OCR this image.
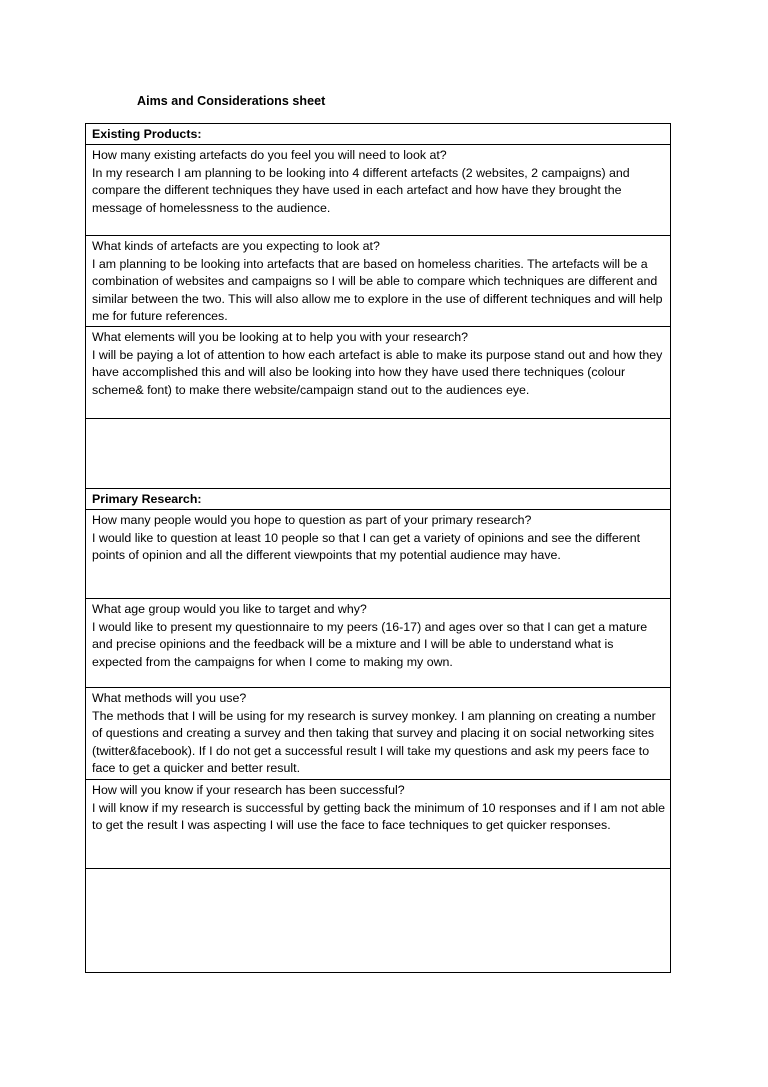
Aims and Considerations sheet
Existing Products:

How many existing artefacts do you feel you will need to look at?
In my research I am planning to be looking into 4 different artefacts (2 websites, 2 campaigns) and compare the different techniques they have used in each artefact and how have they brought the message of homelessness to the audience.

What kinds of artefacts are you expecting to look at?
I am planning to be looking into artefacts that are based on homeless charities. The artefacts will be a combination of websites and campaigns so I will be able to compare which techniques are different and similar between the two. This will also allow me to explore in the use of different techniques and will help me for future references.

What elements will you be looking at to help you with your research?
I will be paying a lot of attention to how each artefact is able to make its purpose stand out and how they have accomplished this and will also be looking into how they have used there techniques (colour scheme& font) to make there website/campaign stand out to the audiences eye.

Primary Research:

How many people would you hope to question as part of your primary research?
I would like to question at least 10 people so that I can get a variety of opinions and see the different points of opinion and all the different viewpoints that my potential audience may have.

What age group would you like to target and why?
I would like to present my questionnaire to my peers (16-17) and ages over so that I can get a mature and precise opinions and the feedback will be a mixture and I will be able to understand what is expected from the campaigns for when I come to making my own.

What methods will you use?
The methods that I will be using for my research is survey monkey. I am planning on creating a number of questions and creating a survey and then taking that survey and placing it on social networking sites (twitter&facebook). If I do not get a successful result I will take my questions and ask my peers face to face to get a quicker and better result.

How will you know if your research has been successful?
I will know if my research is successful by getting back the minimum of 10 responses and if I am not able to get the result I was aspecting I will use the face to face techniques to get quicker responses.
